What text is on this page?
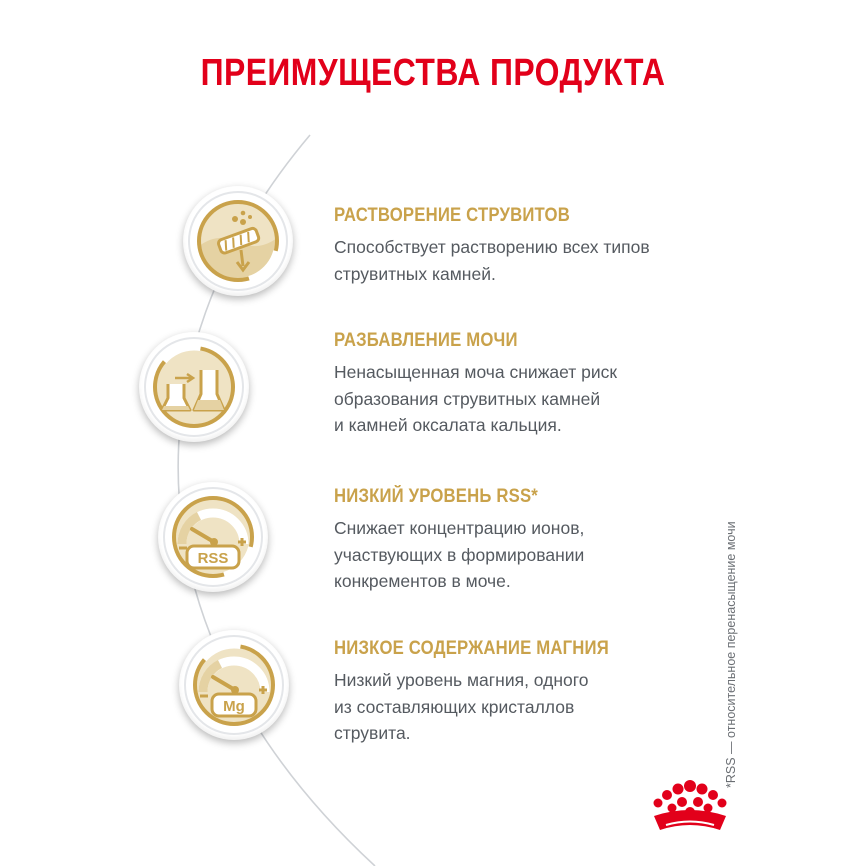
ПРЕИМУЩЕСТВА ПРОДУКТА
RSS
Mg
РАСТВОРЕНИЕ СТРУВИТОВ
Способствует растворению всех типов
струвитных камней.
РАЗБАВЛЕНИЕ МОЧИ
Ненасыщенная моча снижает риск
образования струвитных камней
и камней оксалата кальция.
НИЗКИЙ УРОВЕНЬ RSS*
Снижает концентрацию ионов,
участвующих в формировании
конкрементов в моче.
НИЗКОЕ СОДЕРЖАНИЕ МАГНИЯ
Низкий уровень магния, одного
из составляющих кристаллов
струвита.	*RSS — относительное перенасыщение мочи
